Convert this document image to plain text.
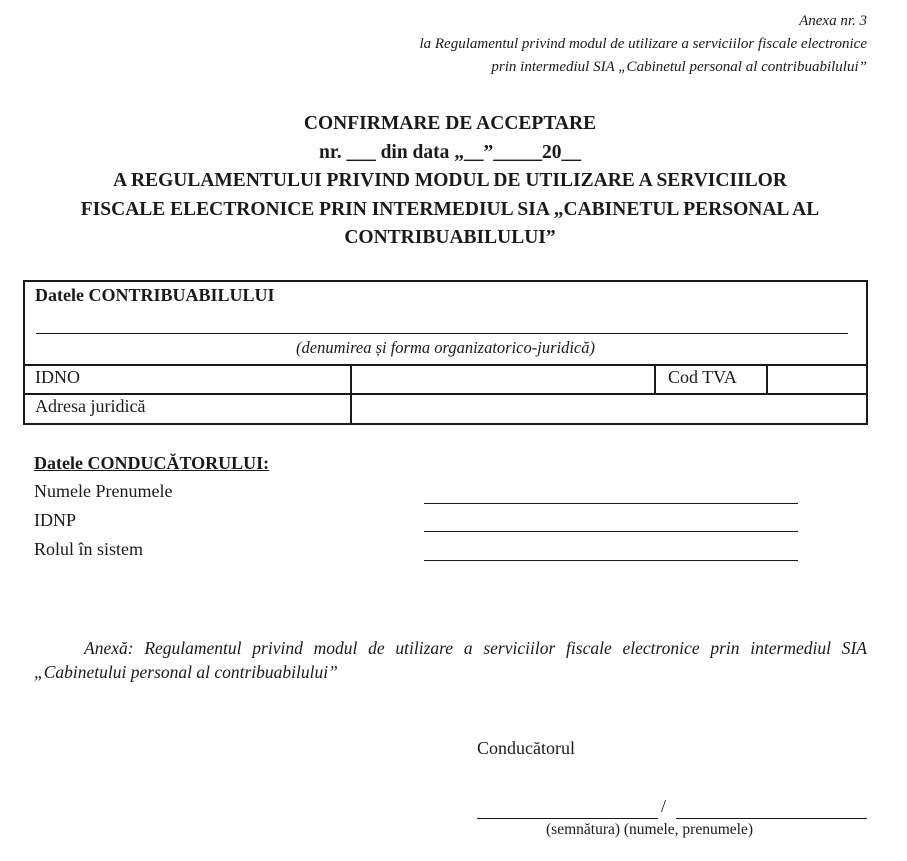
Anexa nr. 3
la Regulamentul privind modul de utilizare a serviciilor fiscale electronice
prin intermediul SIA „Cabinetul personal al contribuabilului”
CONFIRMARE DE ACCEPTARE
nr. ___ din data „__”_____20__
A REGULAMENTULUI PRIVIND MODUL DE UTILIZARE A SERVICIILOR
FISCALE ELECTRONICE PRIN INTERMEDIUL SIA „CABINETUL PERSONAL AL
CONTRIBUABILULUI”
Datele CONTRIBUABILULUI
(denumirea și forma organizatorico-juridică)
IDNO	Cod TVA
Adresa juridică
Datele CONDUCĂTORULUI:
Numele Prenumele
IDNP
Rolul în sistem
Anexă: Regulamentul privind modul de utilizare a serviciilor fiscale electronice prin intermediul SIA „Cabinetului personal al contribuabilului”
Conducătorul
/
(semnătura) (numele, prenumele)
